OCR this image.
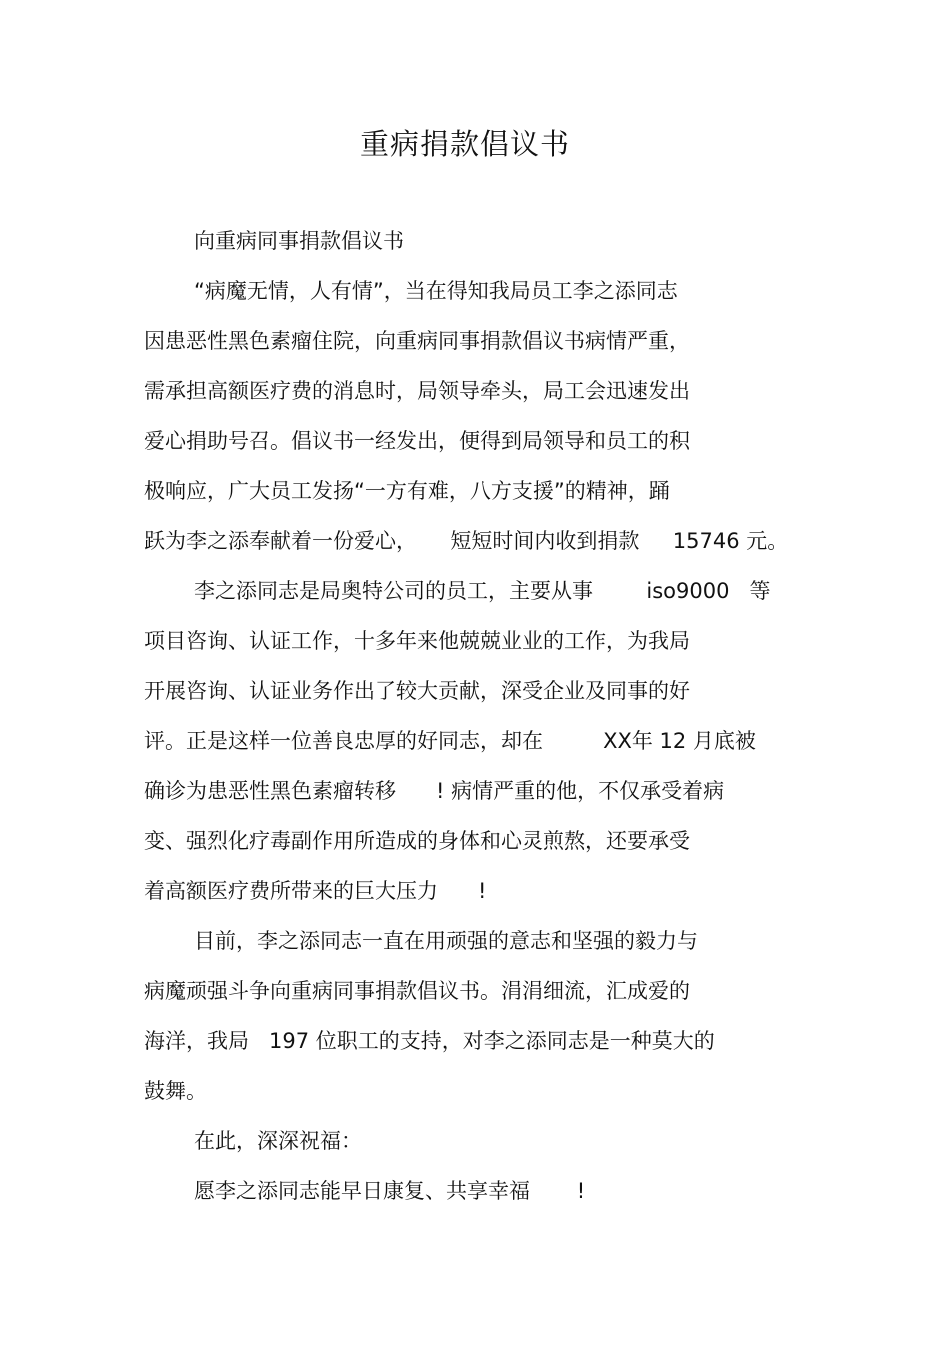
重病捐款倡议书
向重病同事捐款倡议书
“病魔无情，人有情”，当在得知我局员工李之添同志
因患恶性黑色素瘤住院，向重病同事捐款倡议书病情严重，
需承担高额医疗费的消息时，局领导牵头，局工会迅速发出
爱心捐助号召。倡议书一经发出，便得到局领导和员工的积
极响应，广大员工发扬“一方有难，八方支援”的精神，踊
跃为李之添奉献着一份爱心，     短短时间内收到捐款     15746 元。
李之添同志是局奥特公司的员工，主要从事        iso9000   等
项目咨询、认证工作，十多年来他兢兢业业的工作，为我局
开展咨询、认证业务作出了较大贡献，深受企业及同事的好
评。正是这样一位善良忠厚的好同志，却在         XX年 12 月底被
确诊为患恶性黑色素瘤转移      ! 病情严重的他，不仅承受着病
变、强烈化疗毒副作用所造成的身体和心灵煎熬，还要承受
着高额医疗费所带来的巨大压力      !
目前，李之添同志一直在用顽强的意志和坚强的毅力与
病魔顽强斗争向重病同事捐款倡议书。涓涓细流，汇成爱的
海洋，我局   197 位职工的支持，对李之添同志是一种莫大的
鼓舞。
在此，深深祝福：
愿李之添同志能早日康复、共享幸福       !
